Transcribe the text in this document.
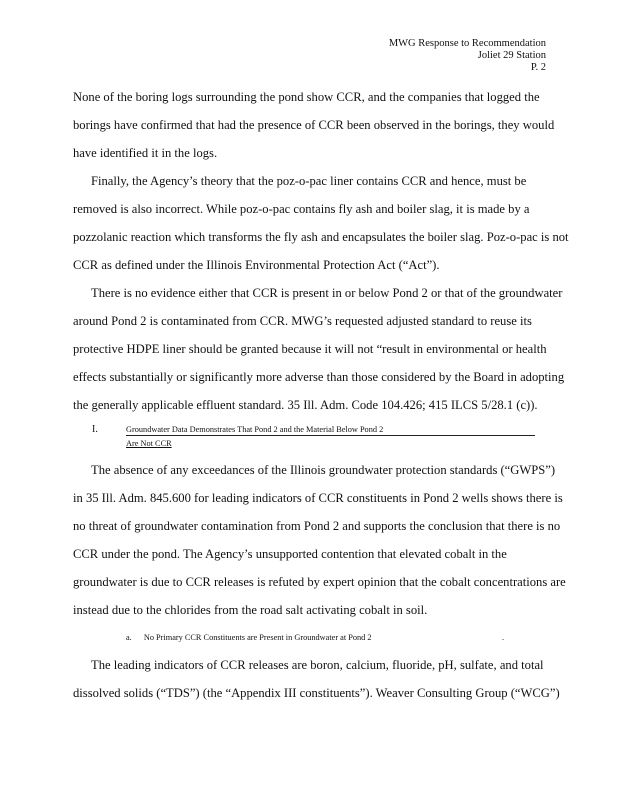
MWG Response to Recommendation
Joliet 29 Station
P. 2
None of the boring logs surrounding the pond show CCR, and the companies that logged the
borings have confirmed that had the presence of CCR been observed in the borings, they would
have identified it in the logs.
Finally, the Agency’s theory that the poz-o-pac liner contains CCR and hence, must be
removed is also incorrect. While poz-o-pac contains fly ash and boiler slag, it is made by a
pozzolanic reaction which transforms the fly ash and encapsulates the boiler slag. Poz-o-pac is not
CCR as defined under the Illinois Environmental Protection Act (“Act”).
There is no evidence either that CCR is present in or below Pond 2 or that of the groundwater
around Pond 2 is contaminated from CCR. MWG’s requested adjusted standard to reuse its
protective HDPE liner should be granted because it will not “result in environmental or health
effects substantially or significantly more adverse than those considered by the Board in adopting
the generally applicable effluent standard. 35 Ill. Adm. Code 104.426; 415 ILCS 5/28.1 (c)).
I.	Groundwater Data Demonstrates That Pond 2 and the Material Below Pond 2
Are Not CCR
The absence of any exceedances of the Illinois groundwater protection standards (“GWPS”)
in 35 Ill. Adm. 845.600 for leading indicators of CCR constituents in Pond 2 wells shows there is
no threat of groundwater contamination from Pond 2 and supports the conclusion that there is no
CCR under the pond. The Agency’s unsupported contention that elevated cobalt in the
groundwater is due to CCR releases is refuted by expert opinion that the cobalt concentrations are
instead due to the chlorides from the road salt activating cobalt in soil.
a. No Primary CCR Constituents are Present in Groundwater at Pond 2	.
The leading indicators of CCR releases are boron, calcium, fluoride, pH, sulfate, and total
dissolved solids (“TDS”) (the “Appendix III constituents”). Weaver Consulting Group (“WCG”)
